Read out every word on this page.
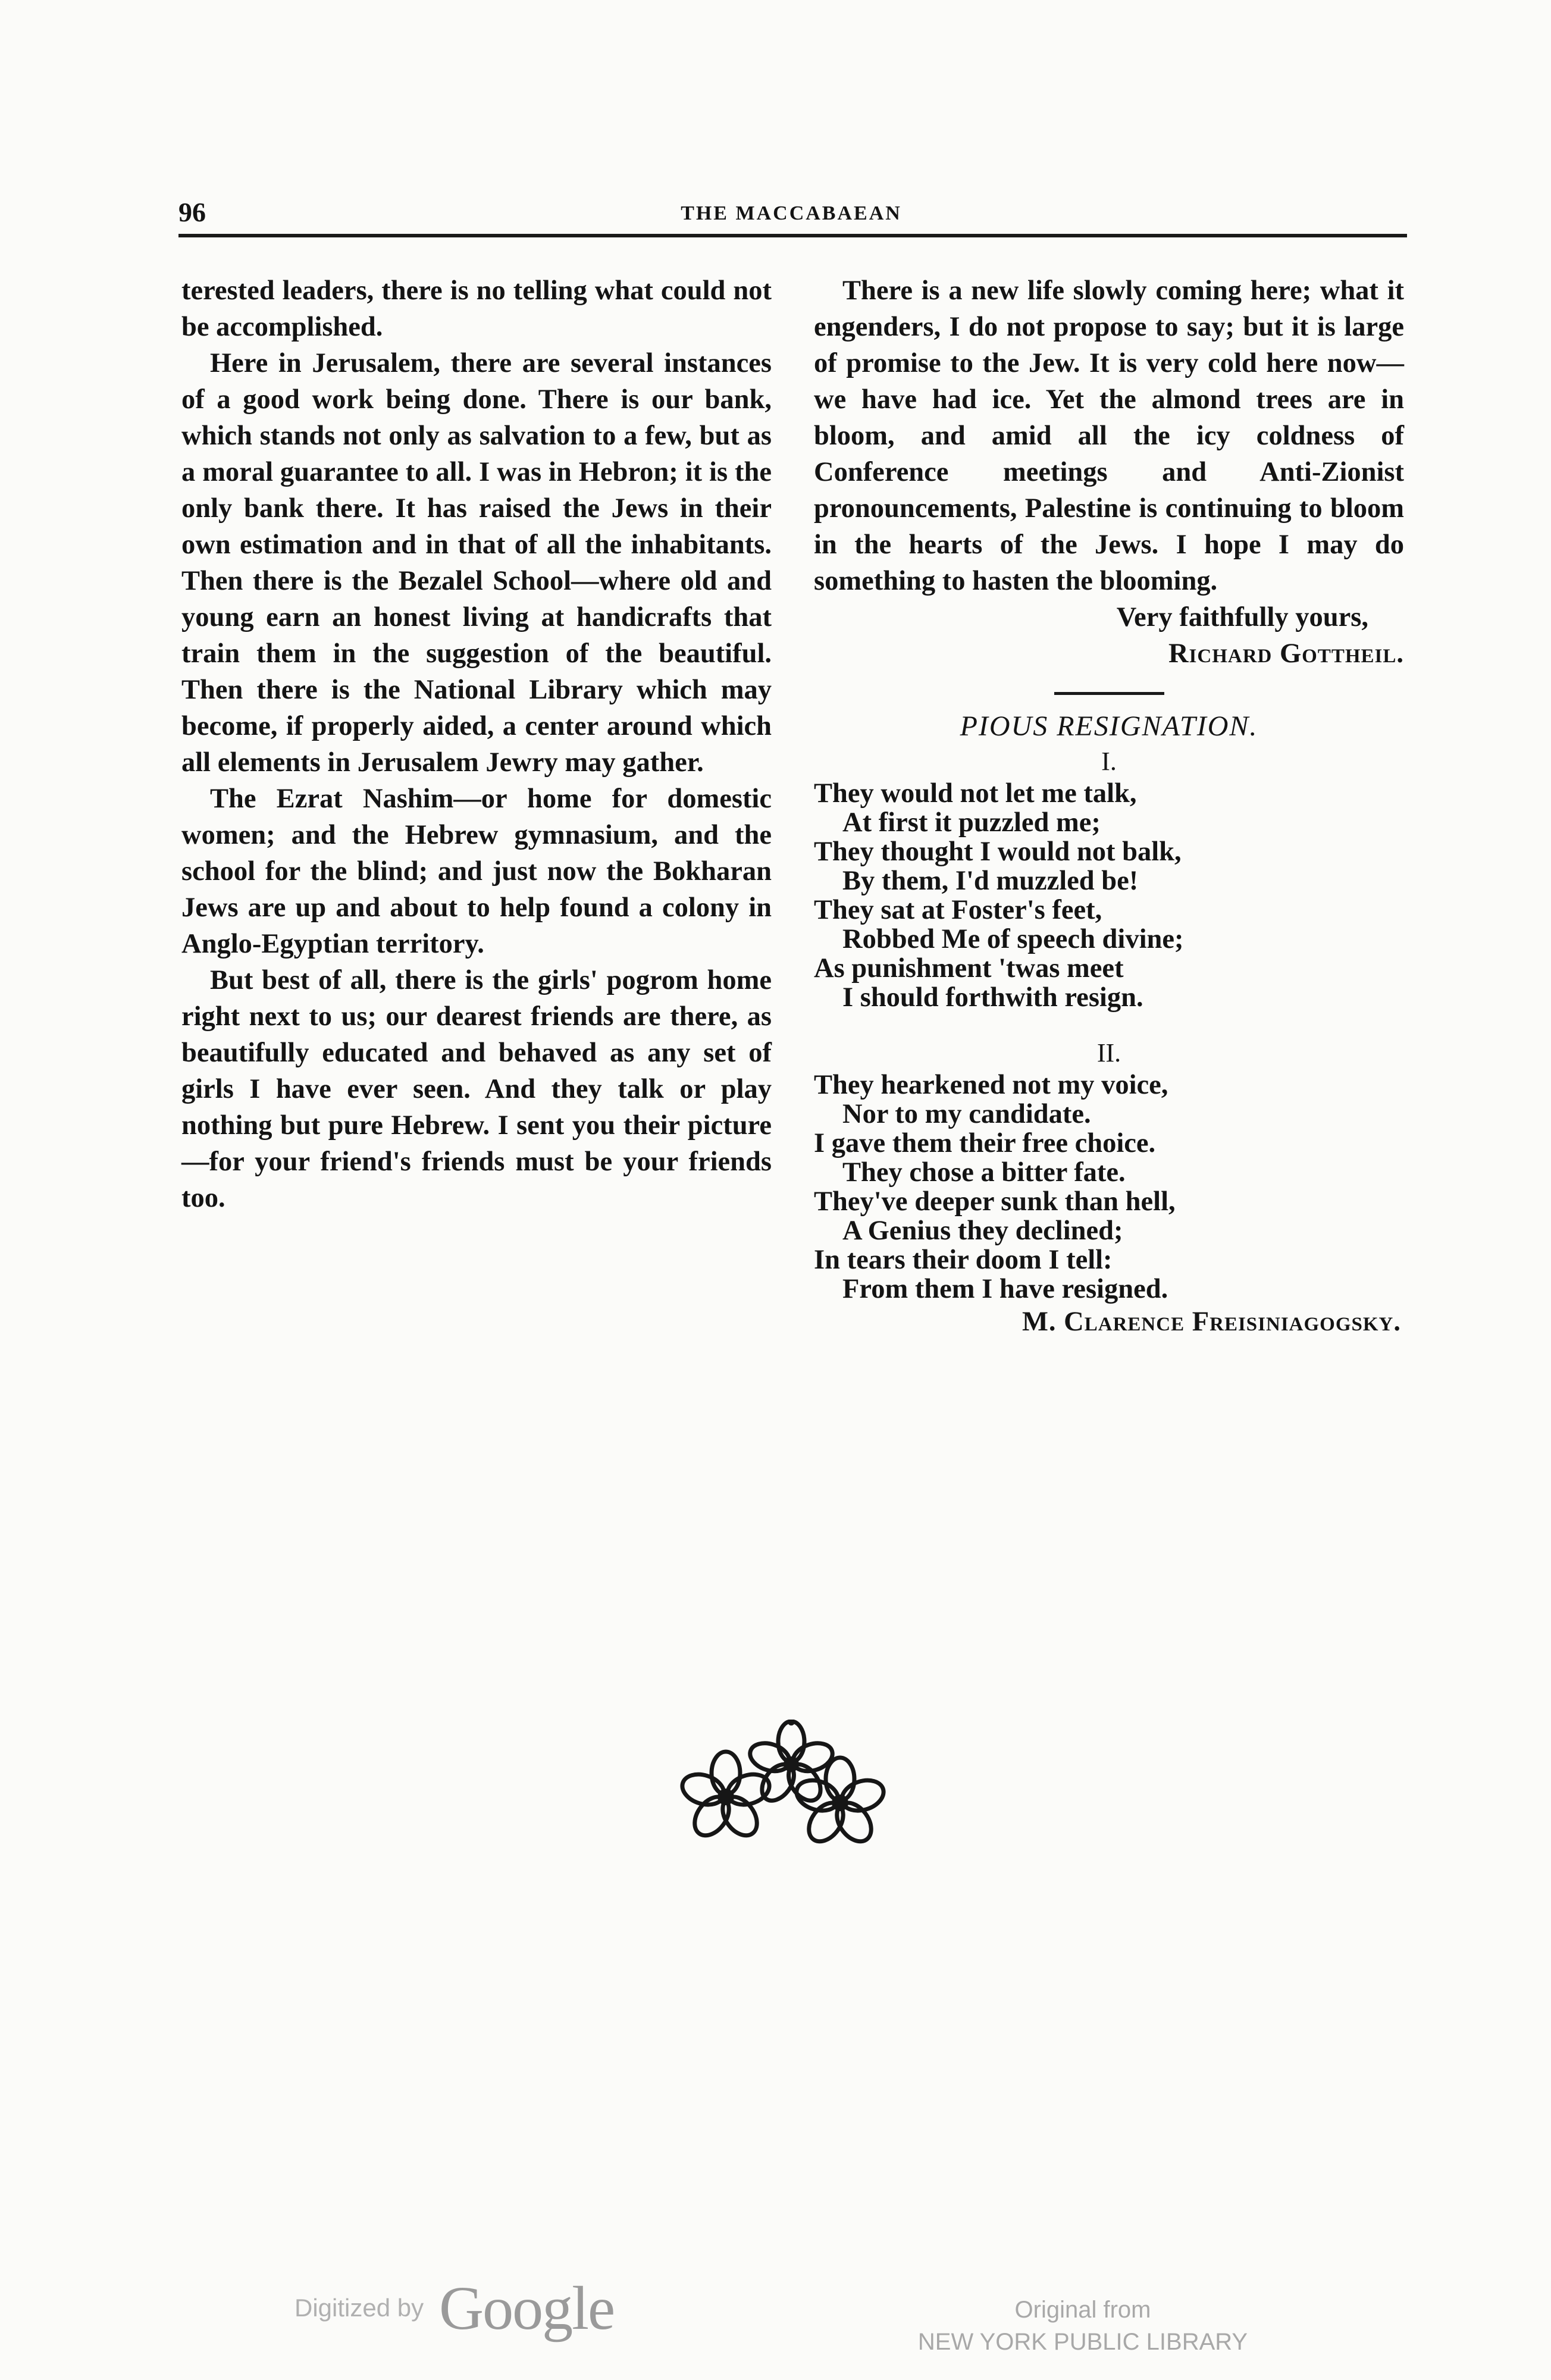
96	THE MACCABAEAN

terested leaders, there is no telling what could not be accomplished.

Here in Jerusalem, there are several instances of a good work being done. There is our bank, which stands not only as salvation to a few, but as a moral guarantee to all. I was in Hebron; it is the only bank there. It has raised the Jews in their own estimation and in that of all the inhabitants. Then there is the Bezalel School—where old and young earn an honest living at handicrafts that train them in the suggestion of the beautiful. Then there is the National Library which may become, if properly aided, a center around which all elements in Jerusalem Jewry may gather.

The Ezrat Nashim—or home for domestic women; and the Hebrew gymnasium, and the school for the blind; and just now the Bokharan Jews are up and about to help found a colony in Anglo-Egyptian territory.

But best of all, there is the girls' pogrom home right next to us; our dearest friends are there, as beautifully educated and behaved as any set of girls I have ever seen. And they talk or play nothing but pure Hebrew. I sent you their picture —for your friend's friends must be your friends too.

There is a new life slowly coming here; what it engenders, I do not propose to say; but it is large of promise to the Jew. It is very cold here now—we have had ice. Yet the almond trees are in bloom, and amid all the icy coldness of Conference meetings and Anti-Zionist pronouncements, Palestine is continuing to bloom in the hearts of the Jews. I hope I may do something to hasten the blooming.

Very faithfully yours,

Richard Gottheil.

PIOUS RESIGNATION.

I.

They would not let me talk,

At first it puzzled me;

They thought I would not balk,

By them, I'd muzzled be!

They sat at Foster's feet,

Robbed Me of speech divine;

As punishment 'twas meet

I should forthwith resign.

II.

They hearkened not my voice,

Nor to my candidate.

I gave them their free choice.

They chose a bitter fate.

They've deeper sunk than hell,

A Genius they declined;

In tears their doom I tell:

From them I have resigned.

M. Clarence Freisiniagogsky.

Digitized by Google	Original from
NEW YORK PUBLIC LIBRARY
